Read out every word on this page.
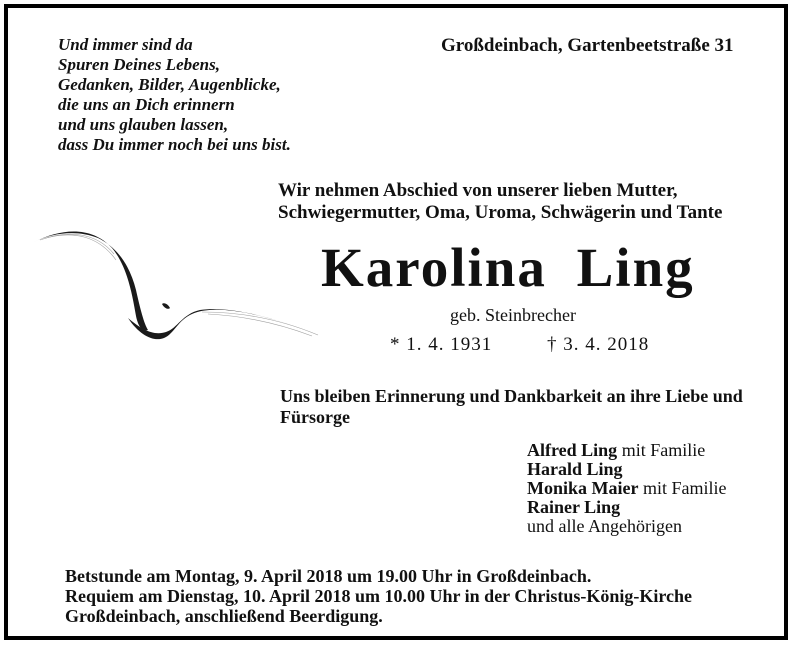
Und immer sind da
Spuren Deines Lebens,
Gedanken, Bilder, Augenblicke,
die uns an Dich erinnern
und uns glauben lassen,
dass Du immer noch bei uns bist.
Großdeinbach, Gartenbeetstraße 31
Wir nehmen Abschied von unserer lieben Mutter,
Schwiegermutter, Oma, Uroma, Schwägerin und Tante
Karolina Ling
geb. Steinbrecher
* 1. 4. 1931	† 3. 4. 2018
Uns bleiben Erinnerung und Dankbarkeit an ihre Liebe und
Fürsorge
Alfred Ling mit Familie
Harald Ling
Monika Maier mit Familie
Rainer Ling
und alle Angehörigen
Betstunde am Montag, 9. April 2018 um 19.00 Uhr in Großdeinbach.
Requiem am Dienstag, 10. April 2018 um 10.00 Uhr in der Christus-König-Kirche
Großdeinbach, anschließend Beerdigung.
